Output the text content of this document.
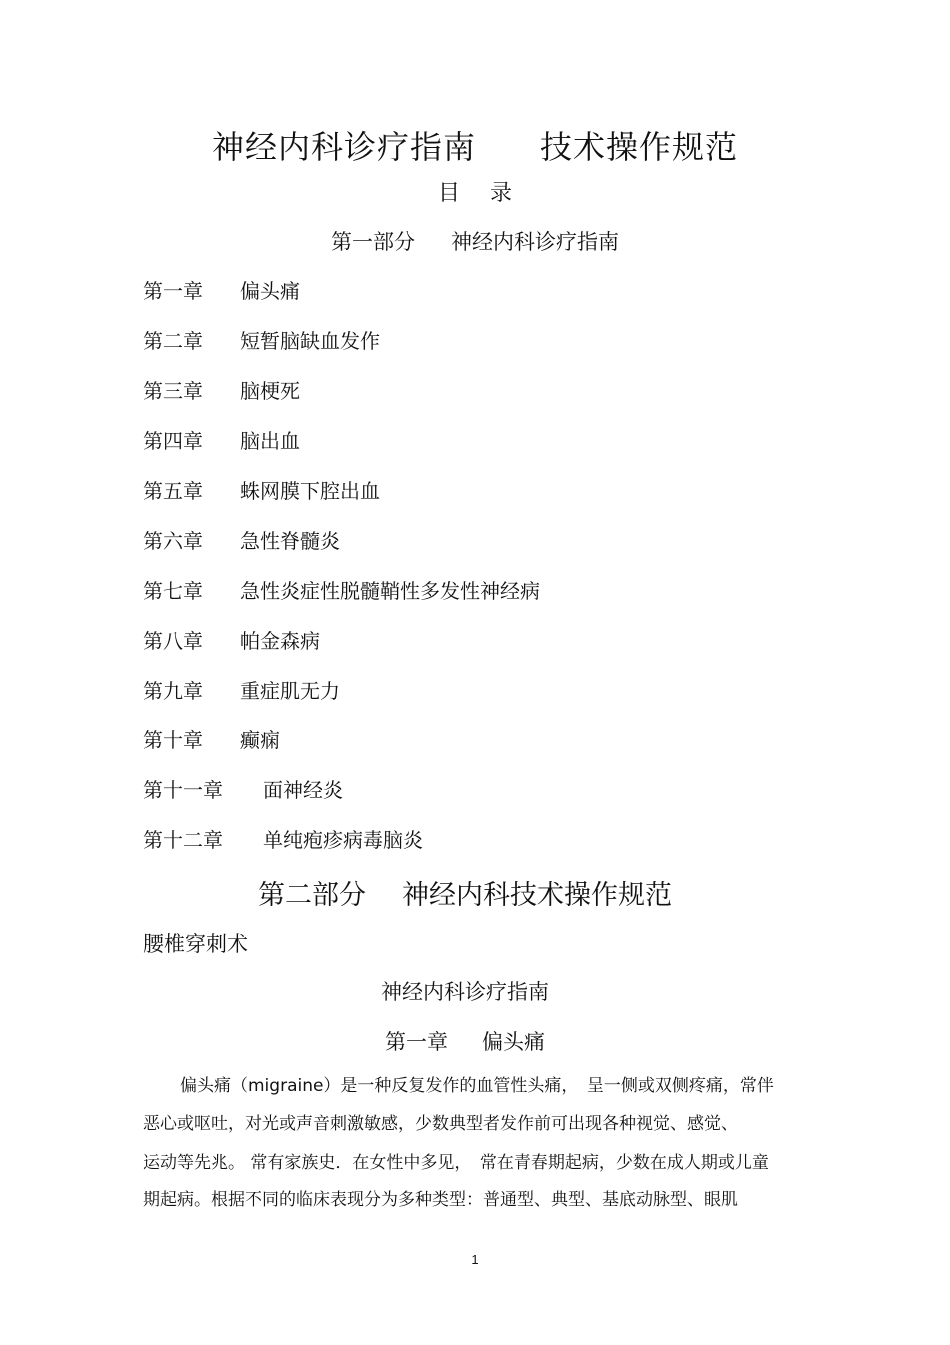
神经内科诊疗指南 技术操作规范
目 录
第一部分 神经内科诊疗指南
第一章 偏头痛
第二章 短暂脑缺血发作
第三章 脑梗死
第四章 脑出血
第五章 蛛网膜下腔出血
第六章 急性脊髓炎
第七章 急性炎症性脱髓鞘性多发性神经病
第八章 帕金森病
第九章 重症肌无力
第十章 癫痫
第十一章 面神经炎
第十二章 单纯疱疹病毒脑炎
第二部分 神经内科技术操作规范
腰椎穿刺术
神经内科诊疗指南
第一章 偏头痛
偏头痛（migraine）是一种反复发作的血管性头痛，　呈一侧或双侧疼痛，常伴
恶心或呕吐，对光或声音刺激敏感，少数典型者发作前可出现各种视觉、感觉、
运动等先兆。 常有家族史．在女性中多见，　常在青春期起病，少数在成人期或儿童
期起病。根据不同的临床表现分为多种类型：普通型、典型、基底动脉型、眼肌
1
